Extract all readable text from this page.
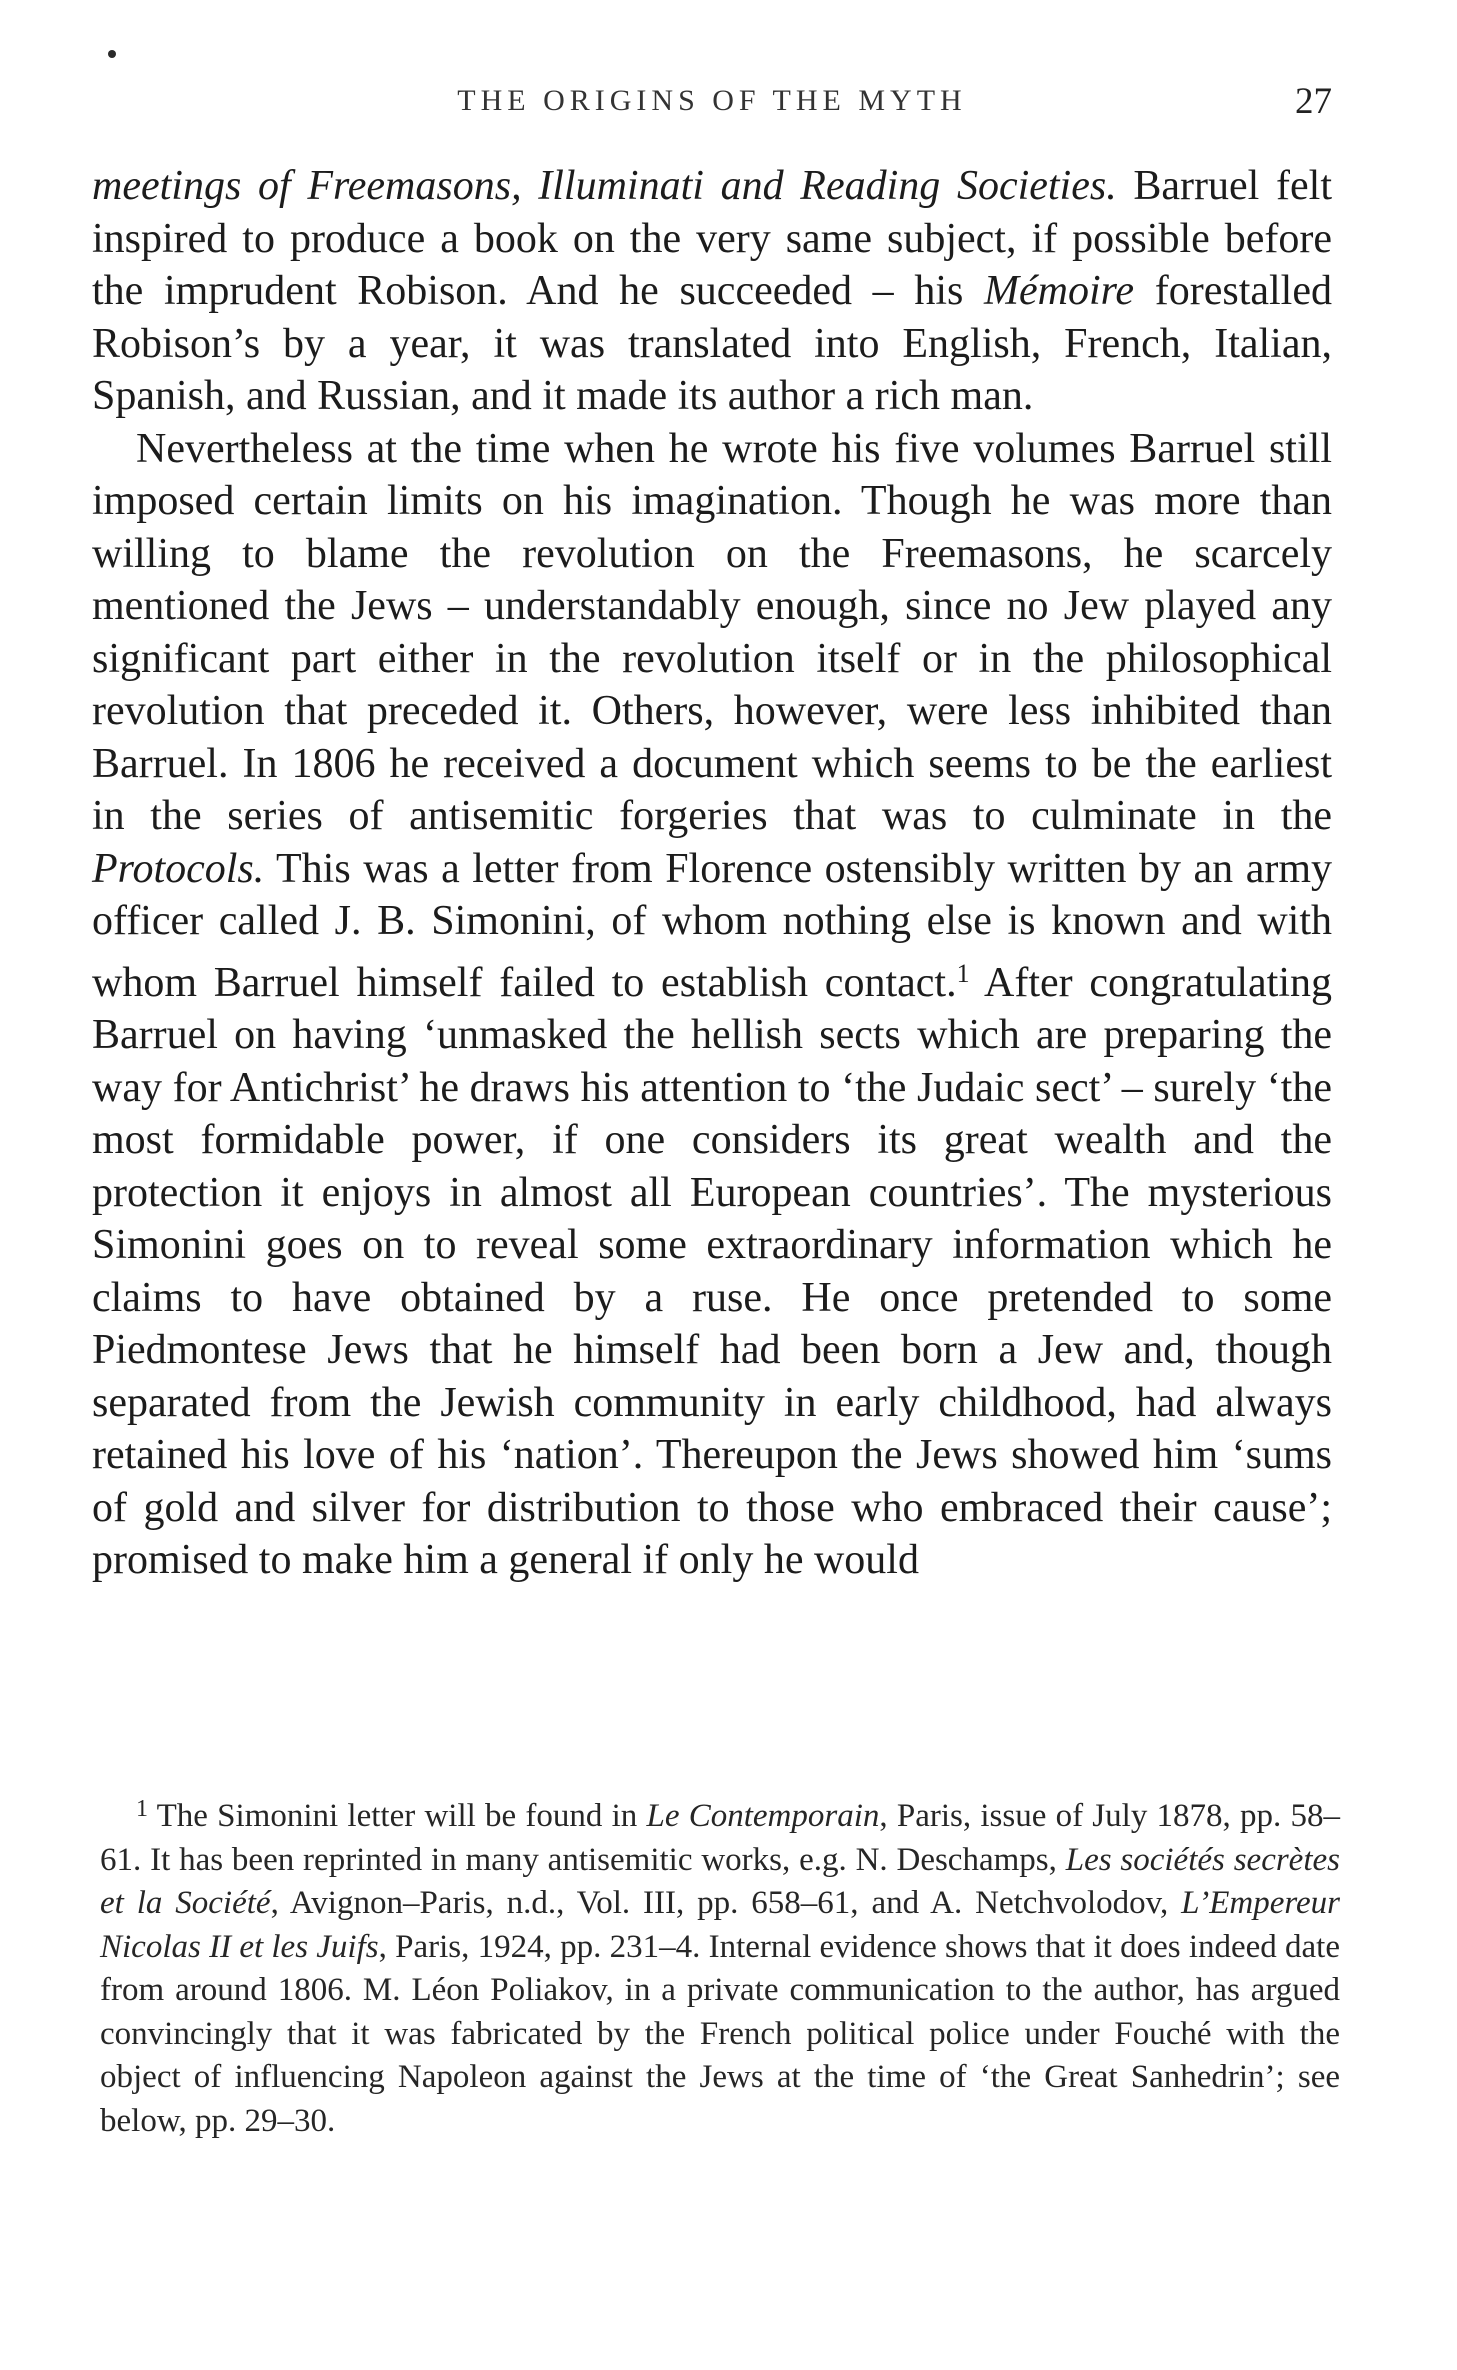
THE ORIGINS OF THE MYTH	27

meetings of Freemasons, Illuminati and Reading Societies. Barruel felt inspired to produce a book on the very same subject, if possible before the imprudent Robison. And he succeeded – his Mémoire forestalled Robison’s by a year, it was translated into English, French, Italian, Spanish, and Russian, and it made its author a rich man.

Nevertheless at the time when he wrote his five volumes Barruel still imposed certain limits on his imagination. Though he was more than willing to blame the revolution on the Freemasons, he scarcely mentioned the Jews – understandably enough, since no Jew played any significant part either in the revolution itself or in the philosophical revolution that preceded it. Others, however, were less inhibited than Barruel. In 1806 he received a document which seems to be the earliest in the series of antisemitic forgeries that was to culminate in the Protocols. This was a letter from Florence ostensibly written by an army officer called J. B. Simonini, of whom nothing else is known and with whom Barruel himself failed to establish contact.$^1$ After congratulating Barruel on having ‘unmasked the hellish sects which are preparing the way for Antichrist’ he draws his attention to ‘the Judaic sect’ – surely ‘the most formidable power, if one considers its great wealth and the protection it enjoys in almost all European countries’. The mysterious Simonini goes on to reveal some extraordinary information which he claims to have obtained by a ruse. He once pretended to some Piedmontese Jews that he himself had been born a Jew and, though separated from the Jewish community in early childhood, had always retained his love of his ‘nation’. Thereupon the Jews showed him ‘sums of gold and silver for distribution to those who embraced their cause’; promised to make him a general if only he would

$^1$ The Simonini letter will be found in Le Contemporain, Paris, issue of July 1878, pp. 58–61. It has been reprinted in many antisemitic works, e.g. N. Deschamps, Les sociétés secrètes et la Société, Avignon–Paris, n.d., Vol. III, pp. 658–61, and A. Netchvolodov, L’Empereur Nicolas II et les Juifs, Paris, 1924, pp. 231–4. Internal evidence shows that it does indeed date from around 1806. M. Léon Poliakov, in a private communication to the author, has argued convincingly that it was fabricated by the French political police under Fouché with the object of influencing Napoleon against the Jews at the time of ‘the Great Sanhedrin’; see below, pp. 29–30.
